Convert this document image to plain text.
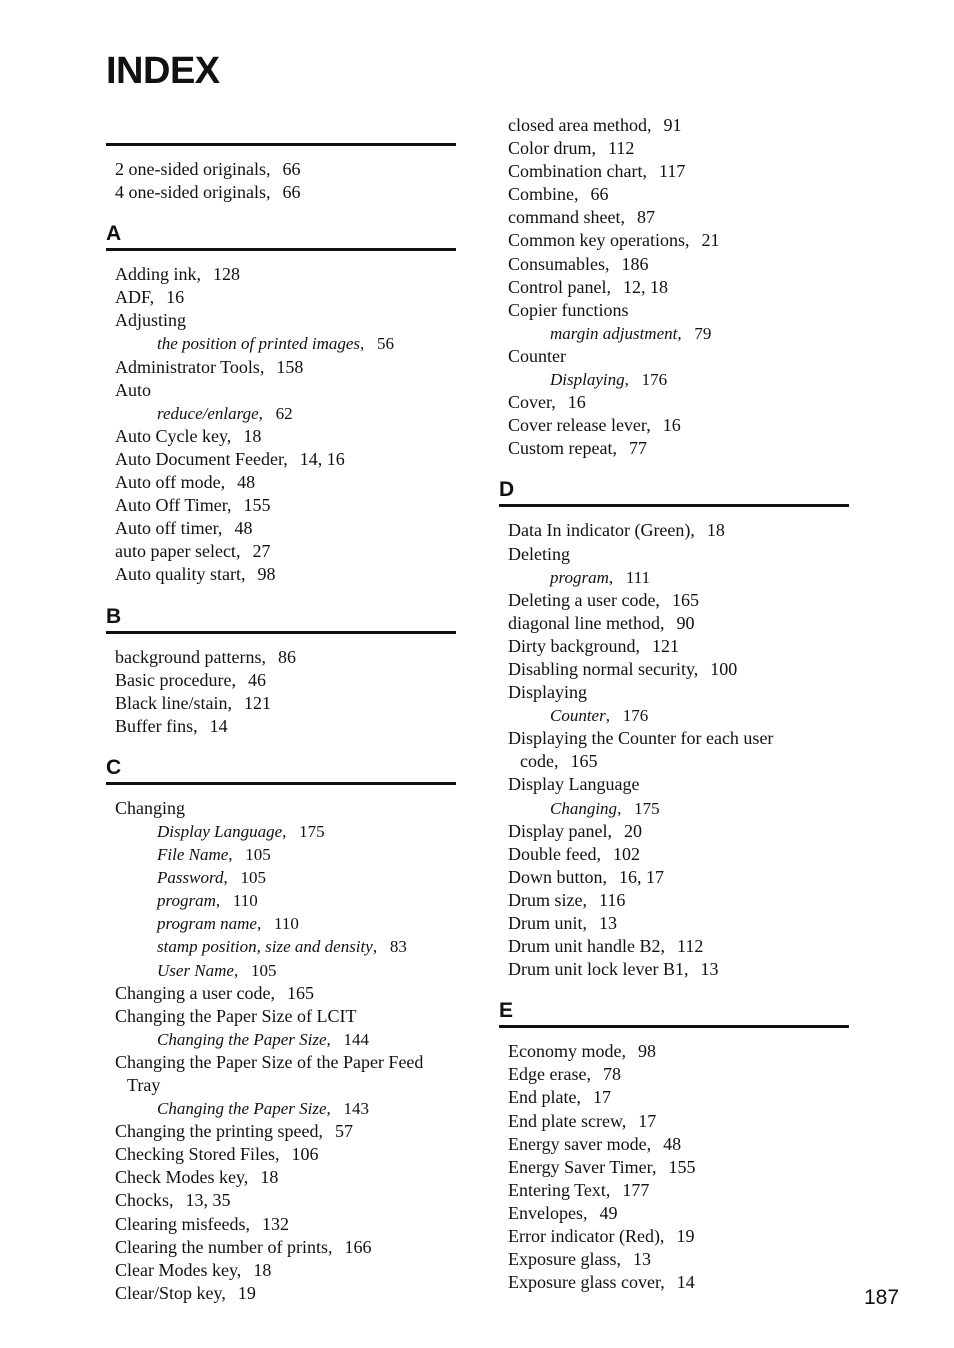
INDEX
2 one-sided originals, 66
4 one-sided originals, 66
A
Adding ink, 128
ADF, 16
Adjusting
the position of printed images,   56
Administrator Tools, 158
Auto
reduce/enlarge,   62
Auto Cycle key, 18
Auto Document Feeder, 14, 16
Auto off mode, 48
Auto Off Timer, 155
Auto off timer, 48
auto paper select, 27
Auto quality start, 98
B
background patterns, 86
Basic procedure, 46
Black line/stain, 121
Buffer fins, 14
C
Changing
Display Language,   175
File Name,   105
Password,   105
program,   110
program name,   110
stamp position, size and density,   83
User Name,   105
Changing a user code, 165
Changing the Paper Size of LCIT
Changing the Paper Size,   144
Changing the Paper Size of the Paper Feed
Tray
Changing the Paper Size,   143
Changing the printing speed, 57
Checking Stored Files, 106
Check Modes key, 18
Chocks, 13, 35
Clearing misfeeds, 132
Clearing the number of prints, 166
Clear Modes key, 18
Clear/Stop key, 19
closed area method, 91
Color drum, 112
Combination chart, 117
Combine, 66
command sheet, 87
Common key operations, 21
Consumables, 186
Control panel, 12, 18
Copier functions
margin adjustment,   79
Counter
Displaying,   176
Cover, 16
Cover release lever, 16
Custom repeat, 77
D
Data In indicator (Green), 18
Deleting
program,   111
Deleting a user code, 165
diagonal line method, 90
Dirty background, 121
Disabling normal security, 100
Displaying
Counter,   176
Displaying the Counter for each user
code, 165
Display Language
Changing,   175
Display panel, 20
Double feed, 102
Down button, 16, 17
Drum size, 116
Drum unit, 13
Drum unit handle B2, 112
Drum unit lock lever B1, 13
E
Economy mode, 98
Edge erase, 78
End plate, 17
End plate screw, 17
Energy saver mode, 48
Energy Saver Timer, 155
Entering Text, 177
Envelopes, 49
Error indicator (Red), 19
Exposure glass, 13
Exposure glass cover, 14
187
